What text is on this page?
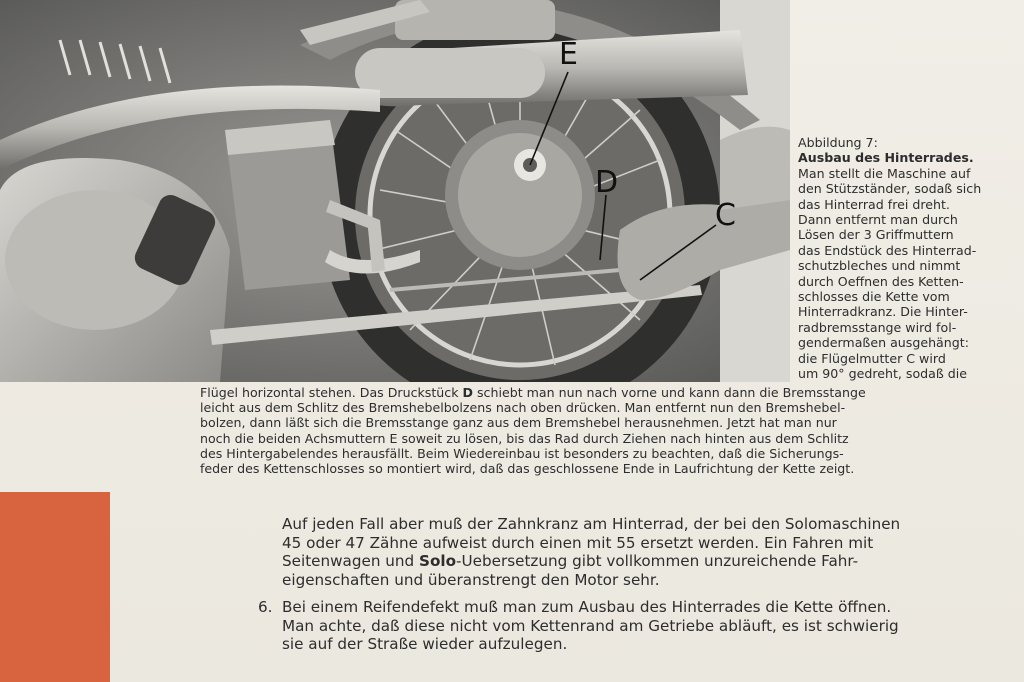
E
D
C
Abbildung 7:
Ausbau des Hinterrades.
Man stellt die Maschine auf
den Stützständer, sodaß sich
das Hinterrad frei dreht.
Dann entfernt man durch
Lösen der 3 Griffmuttern
das Endstück des Hinterrad-
schutzbleches und nimmt
durch Oeffnen des Ketten-
schlosses die Kette vom
Hinterradkranz. Die Hinter-
radbremsstange wird fol-
gendermaßen ausgehängt:
die Flügelmutter C wird
um 90° gedreht, sodaß die
Flügel horizontal stehen. Das Druckstück D schiebt man nun nach vorne und kann dann die Bremsstange
leicht aus dem Schlitz des Bremshebelbolzens nach oben drücken. Man entfernt nun den Bremshebel-
bolzen, dann läßt sich die Bremsstange ganz aus dem Bremshebel herausnehmen. Jetzt hat man nur
noch die beiden Achsmuttern E soweit zu lösen, bis das Rad durch Ziehen nach hinten aus dem Schlitz
des Hintergabelendes herausfällt. Beim Wiedereinbau ist besonders zu beachten, daß die Sicherungs-
feder des Kettenschlosses so montiert wird, daß das geschlossene Ende in Laufrichtung der Kette zeigt.
Auf jeden Fall aber muß der Zahnkranz am Hinterrad, der bei den Solomaschinen
45 oder 47 Zähne aufweist durch einen mit 55 ersetzt werden. Ein Fahren mit
Seitenwagen und Solo-Uebersetzung gibt vollkommen unzureichende Fahr-
eigenschaften und überanstrengt den Motor sehr.
6. Bei einem Reifendefekt muß man zum Ausbau des Hinterrades die Kette öffnen.
Man achte, daß diese nicht vom Kettenrand am Getriebe abläuft, es ist schwierig
sie auf der Straße wieder aufzulegen.
